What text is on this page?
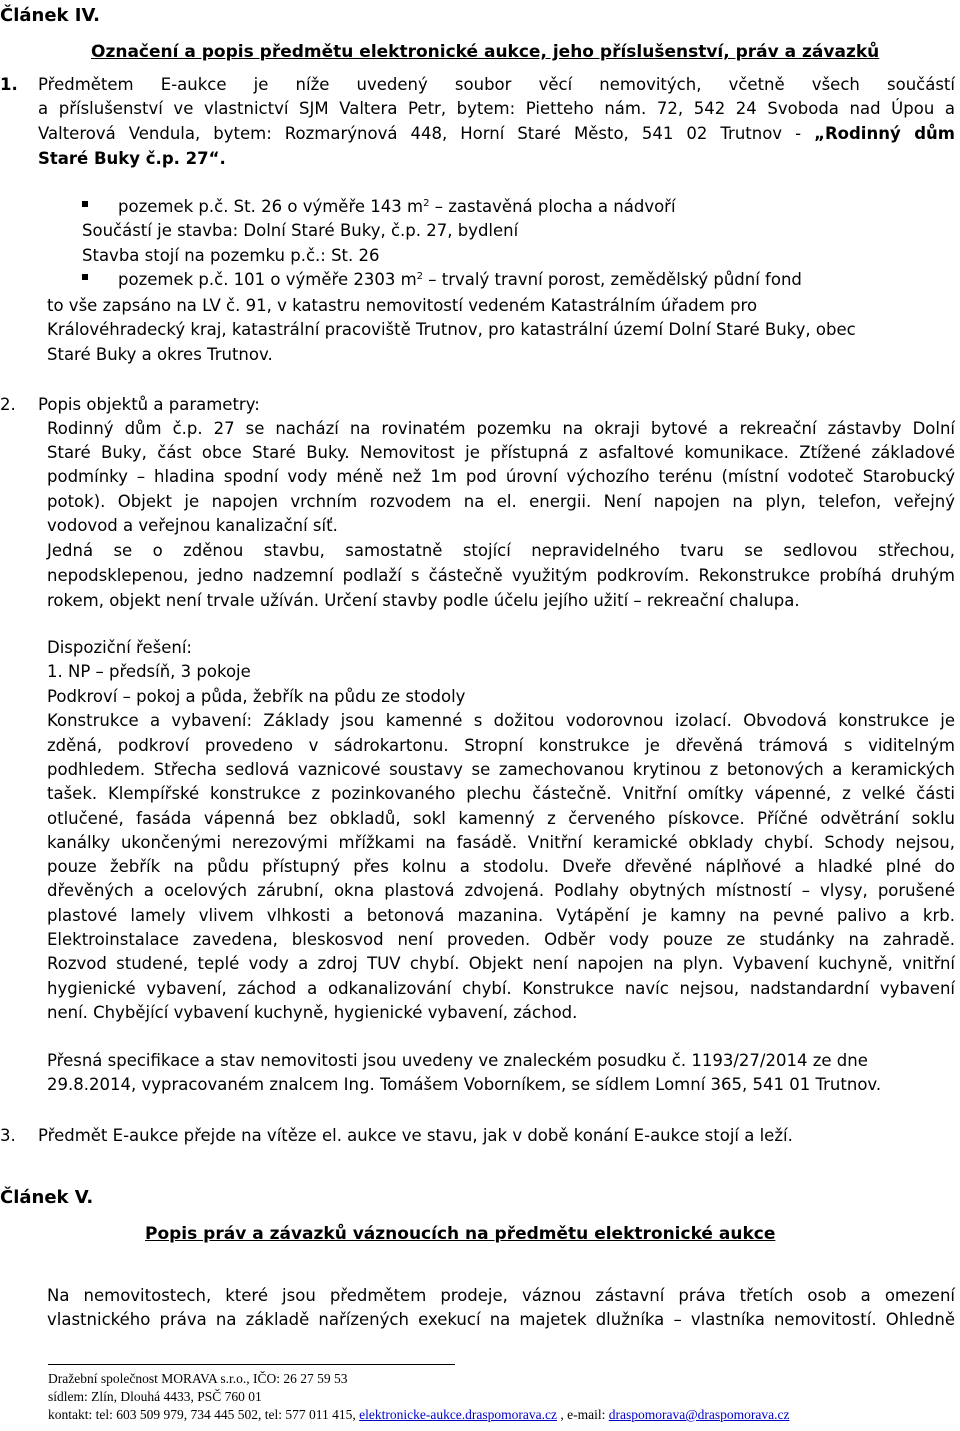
Článek IV.
Označení a popis předmětu elektronické aukce, jeho příslušenství, práv a závazků
1. Předmětem E-aukce je níže uvedený soubor věcí nemovitých, včetně všech součástí
a příslušenství ve vlastnictví SJM Valtera Petr, bytem: Pietteho nám. 72, 542 24 Svoboda nad Úpou a
Valterová Vendula, bytem: Rozmarýnová 448, Horní Staré Město, 541 02 Trutnov - „Rodinný dům
Staré Buky č.p. 27“.
pozemek p.č. St. 26 o výměře 143 $m^2$ – zastavěná plocha a nádvoří
Součástí je stavba: Dolní Staré Buky, č.p. 27, bydlení
Stavba stojí na pozemku p.č.: St. 26
pozemek p.č. 101 o výměře 2303 $m^2$ – trvalý travní porost, zemědělský půdní fond
to vše zapsáno na LV č. 91, v katastru nemovitostí vedeném Katastrálním úřadem pro
Královéhradecký kraj, katastrální pracoviště Trutnov, pro katastrální území Dolní Staré Buky, obec
Staré Buky a okres Trutnov.
2. Popis objektů a parametry:
Rodinný dům č.p. 27 se nachází na rovinatém pozemku na okraji bytové a rekreační zástavby Dolní
Staré Buky, část obce Staré Buky. Nemovitost je přístupná z asfaltové komunikace. Ztížené základové
podmínky – hladina spodní vody méně než 1m pod úrovní výchozího terénu (místní vodoteč Starobucký
potok). Objekt je napojen vrchním rozvodem na el. energii. Není napojen na plyn, telefon, veřejný
vodovod a veřejnou kanalizační síť.
Jedná se o zděnou stavbu, samostatně stojící nepravidelného tvaru se sedlovou střechou,
nepodsklepenou, jedno nadzemní podlaží s částečně využitým podkrovím. Rekonstrukce probíhá druhým
rokem, objekt není trvale užíván. Určení stavby podle účelu jejího užití – rekreační chalupa.
Dispoziční řešení:
1. NP – předsíň, 3 pokoje
Podkroví – pokoj a půda, žebřík na půdu ze stodoly
Konstrukce a vybavení: Základy jsou kamenné s dožitou vodorovnou izolací. Obvodová konstrukce je
zděná, podkroví provedeno v sádrokartonu. Stropní konstrukce je dřevěná trámová s viditelným
podhledem. Střecha sedlová vaznicové soustavy se zamechovanou krytinou z betonových a keramických
tašek. Klempířské konstrukce z pozinkovaného plechu částečně. Vnitřní omítky vápenné, z velké části
otlučené, fasáda vápenná bez obkladů, sokl kamenný z červeného pískovce. Příčné odvětrání soklu
kanálky ukončenými nerezovými mřížkami na fasádě. Vnitřní keramické obklady chybí. Schody nejsou,
pouze žebřík na půdu přístupný přes kolnu a stodolu. Dveře dřevěné náplňové a hladké plné do
dřevěných a ocelových zárubní, okna plastová zdvojená. Podlahy obytných místností – vlysy, porušené
plastové lamely vlivem vlhkosti a betonová mazanina. Vytápění je kamny na pevné palivo a krb.
Elektroinstalace zavedena, bleskosvod není proveden. Odběr vody pouze ze studánky na zahradě.
Rozvod studené, teplé vody a zdroj TUV chybí. Objekt není napojen na plyn. Vybavení kuchyně, vnitřní
hygienické vybavení, záchod a odkanalizování chybí. Konstrukce navíc nejsou, nadstandardní vybavení
není. Chybějící vybavení kuchyně, hygienické vybavení, záchod.
Přesná specifikace a stav nemovitosti jsou uvedeny ve znaleckém posudku č. 1193/27/2014 ze dne
29.8.2014, vypracovaném znalcem Ing. Tomášem Voborníkem, se sídlem Lomní 365, 541 01 Trutnov.
3. Předmět E-aukce přejde na vítěze el. aukce ve stavu, jak v době konání E-aukce stojí a leží.
Článek V.
Popis práv a závazků váznoucích na předmětu elektronické aukce
Na nemovitostech, které jsou předmětem prodeje, váznou zástavní práva třetích osob a omezení
vlastnického práva na základě nařízených exekucí na majetek dlužníka – vlastníka nemovitostí. Ohledně
Dražební společnost MORAVA s.r.o., IČO: 26 27 59 53
sídlem: Zlín, Dlouhá 4433, PSČ 760 01
kontakt: tel: 603 509 979, 734 445 502, tel: 577 011 415, elektronicke-aukce.draspomorava.cz , e-mail: draspomorava@draspomorava.cz
